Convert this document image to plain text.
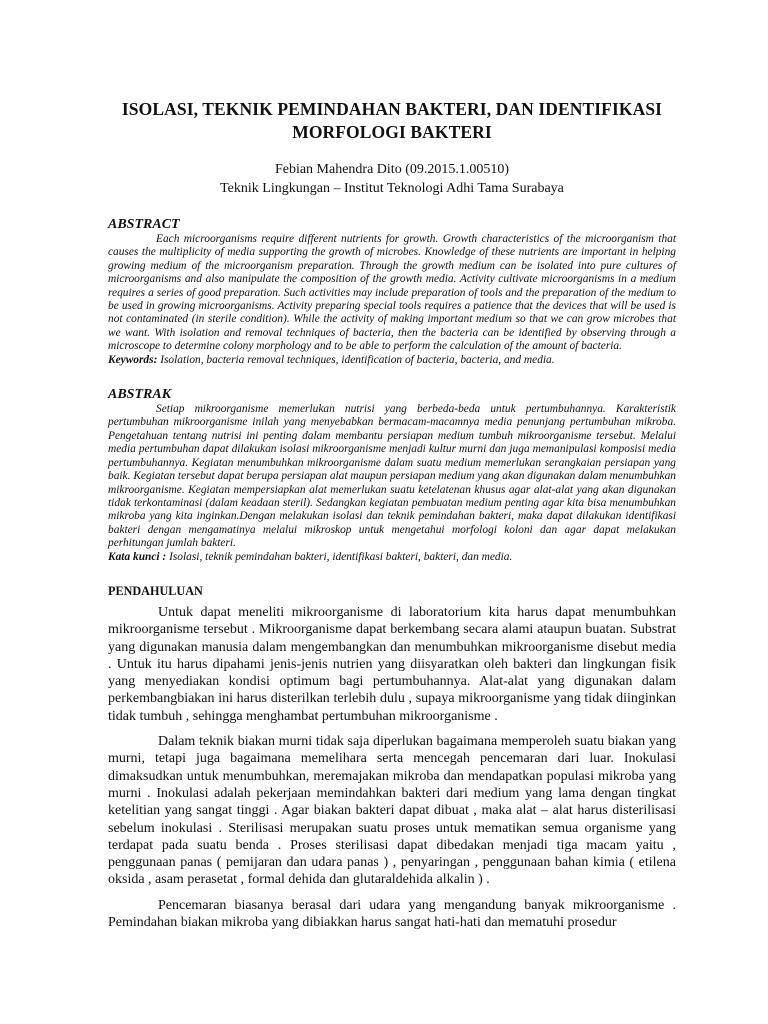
ISOLASI, TEKNIK PEMINDAHAN BAKTERI, DAN IDENTIFIKASI MORFOLOGI BAKTERI
Febian Mahendra Dito (09.2015.1.00510)
Teknik Lingkungan – Institut Teknologi Adhi Tama Surabaya
ABSTRACT

Each microorganisms require different nutrients for growth. Growth characteristics of the microorganism that causes the multiplicity of media supporting the growth of microbes. Knowledge of these nutrients are important in helping growing medium of the microorganism preparation. Through the growth medium can be isolated into pure cultures of microorganisms and also manipulate the composition of the growth media. Activity cultivate microorganisms in a medium requires a series of good preparation. Such activities may include preparation of tools and the preparation of the medium to be used in growing microorganisms. Activity preparing special tools requires a patience that the devices that will be used is not contaminated (in sterile condition). While the activity of making important medium so that we can grow microbes that we want. With isolation and removal techniques of bacteria, then the bacteria can be identified by observing through a microscope to determine colony morphology and to be able to perform the calculation of the amount of bacteria.

Keywords: Isolation, bacteria removal techniques, identification of bacteria, bacteria, and media.

ABSTRAK

Setiap mikroorganisme memerlukan nutrisi yang berbeda-beda untuk pertumbuhannya. Karakteristik pertumbuhan mikroorganisme inilah yang menyebabkan bermacam-macamnya media penunjang pertumbuhan mikroba. Pengetahuan tentang nutrisi ini penting dalam membantu persiapan medium tumbuh mikroorganisme tersebut. Melalui media pertumbuhan dapat dilakukan isolasi mikroorganisme menjadi kultur murni dan juga memanipulasi komposisi media pertumbuhannya. Kegiatan menumbuhkan mikroorganisme dalam suatu medium memerlukan serangkaian persiapan yang baik. Kegiatan tersebut dapat berupa persiapan alat maupun persiapan medium yang akan digunakan dalam menumbuhkan mikroorganisme. Kegiatan mempersiapkan alat memerlukan suatu ketelatenan khusus agar alat-alat yang akan digunakan tidak terkontaminasi (dalam keadaan steril). Sedangkan kegiatan pembuatan medium penting agar kita bisa menumbuhkan mikroba yang kita inginkan.Dengan melakukan isolasi dan teknik pemindahan bakteri, maka dapat dilakukan identifikasi bakteri dengan mengamatinya melalui mikroskop untuk mengetahui morfologi koloni dan agar dapat melakukan perhitungan jumlah bakteri.

Kata kunci : Isolasi, teknik pemindahan bakteri, identifikasi bakteri, bakteri, dan media.

PENDAHULUAN

Untuk dapat meneliti mikroorganisme di laboratorium kita harus dapat menumbuhkan mikroorganisme tersebut . Mikroorganisme dapat berkembang secara alami ataupun buatan. Substrat yang digunakan manusia dalam mengembangkan dan menumbuhkan mikroorganisme disebut media . Untuk itu harus dipahami jenis-jenis nutrien yang diisyaratkan oleh bakteri dan lingkungan fisik yang menyediakan kondisi optimum bagi pertumbuhannya. Alat-alat yang digunakan dalam perkembangbiakan ini harus disterilkan terlebih dulu , supaya mikroorganisme yang tidak diinginkan tidak tumbuh , sehingga menghambat pertumbuhan mikroorganisme .

Dalam teknik biakan murni tidak saja diperlukan bagaimana memperoleh suatu biakan yang murni, tetapi juga bagaimana memelihara serta mencegah pencemaran dari luar. Inokulasi dimaksudkan untuk menumbuhkan, meremajakan mikroba dan mendapatkan populasi mikroba yang murni . Inokulasi adalah pekerjaan memindahkan bakteri dari medium yang lama dengan tingkat ketelitian yang sangat tinggi . Agar biakan bakteri dapat dibuat , maka alat – alat harus disterilisasi sebelum inokulasi . Sterilisasi merupakan suatu proses untuk mematikan semua organisme yang terdapat pada suatu benda . Proses sterilisasi dapat dibedakan menjadi tiga macam yaitu , penggunaan panas ( pemijaran dan udara panas ) , penyaringan , penggunaan bahan kimia ( etilena oksida , asam perasetat , formal dehida dan glutaraldehida alkalin ) .

Pencemaran biasanya berasal dari udara yang mengandung banyak mikroorganisme . Pemindahan biakan mikroba yang dibiakkan harus sangat hati-hati dan mematuhi prosedur
